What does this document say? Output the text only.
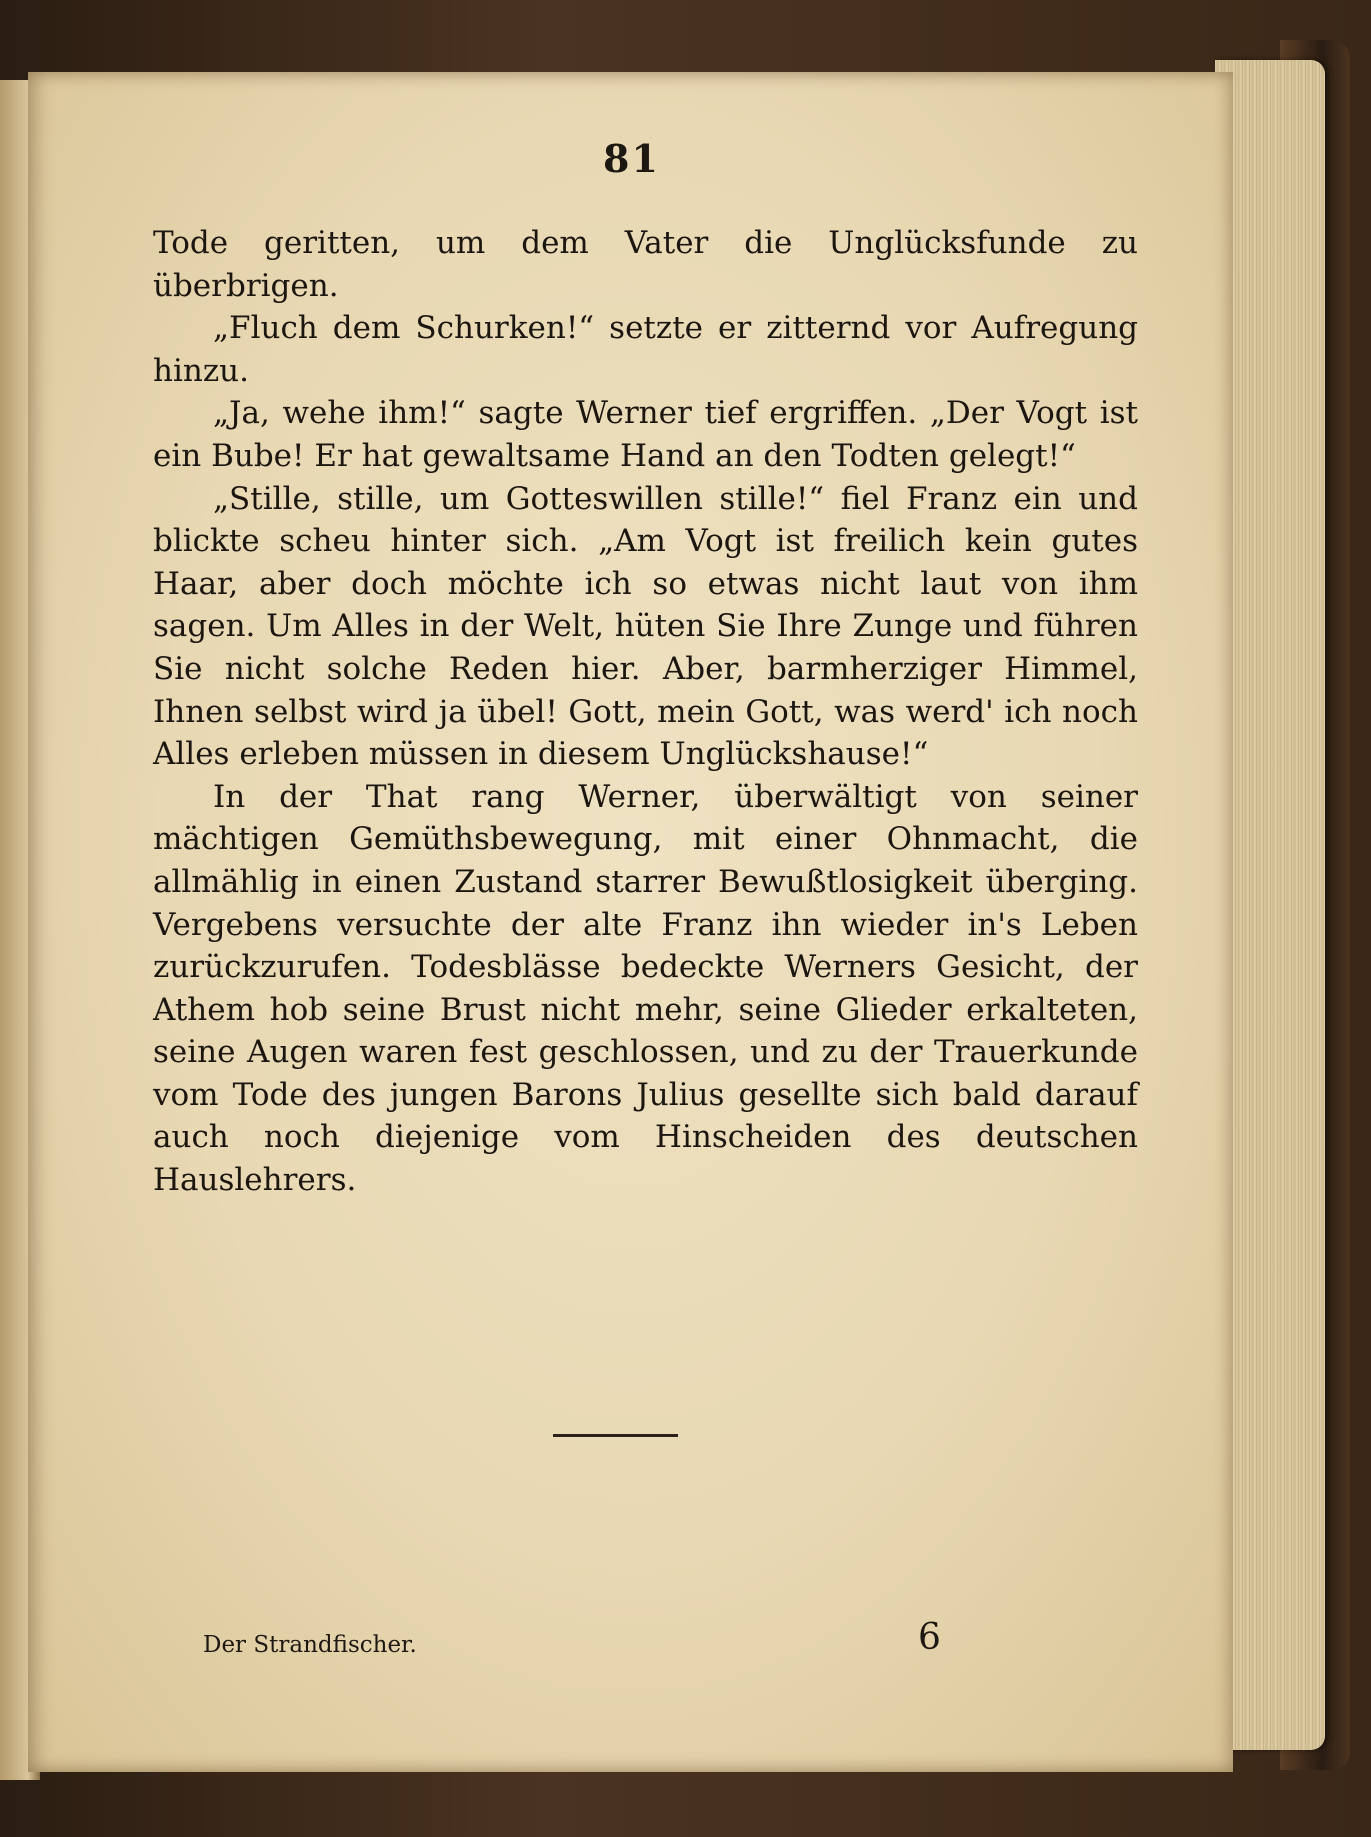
81

Tode geritten, um dem Vater die Unglücksfunde zu überbrigen.

„Fluch dem Schurken!“ setzte er zitternd vor Aufregung hinzu.

„Ja, wehe ihm!“ sagte Werner tief ergriffen. „Der Vogt ist ein Bube! Er hat gewaltsame Hand an den Todten gelegt!“

„Stille, stille, um Gotteswillen stille!“ fiel Franz ein und blickte scheu hinter sich. „Am Vogt ist freilich kein gutes Haar, aber doch möchte ich so etwas nicht laut von ihm sagen. Um Alles in der Welt, hüten Sie Ihre Zunge und führen Sie nicht solche Reden hier. Aber, barmherziger Himmel, Ihnen selbst wird ja übel! Gott, mein Gott, was werd' ich noch Alles erleben müssen in diesem Unglückshause!“

In der That rang Werner, überwältigt von seiner mächtigen Gemüthsbewegung, mit einer Ohnmacht, die allmählig in einen Zustand starrer Bewußtlosigkeit überging. Vergebens versuchte der alte Franz ihn wieder in's Leben zurückzurufen. Todesblässe bedeckte Werners Gesicht, der Athem hob seine Brust nicht mehr, seine Glieder erkalteten, seine Augen waren fest geschlossen, und zu der Trauerkunde vom Tode des jungen Barons Julius gesellte sich bald darauf auch noch diejenige vom Hinscheiden des deutschen Hauslehrers.

Der Strandfischer.	6
